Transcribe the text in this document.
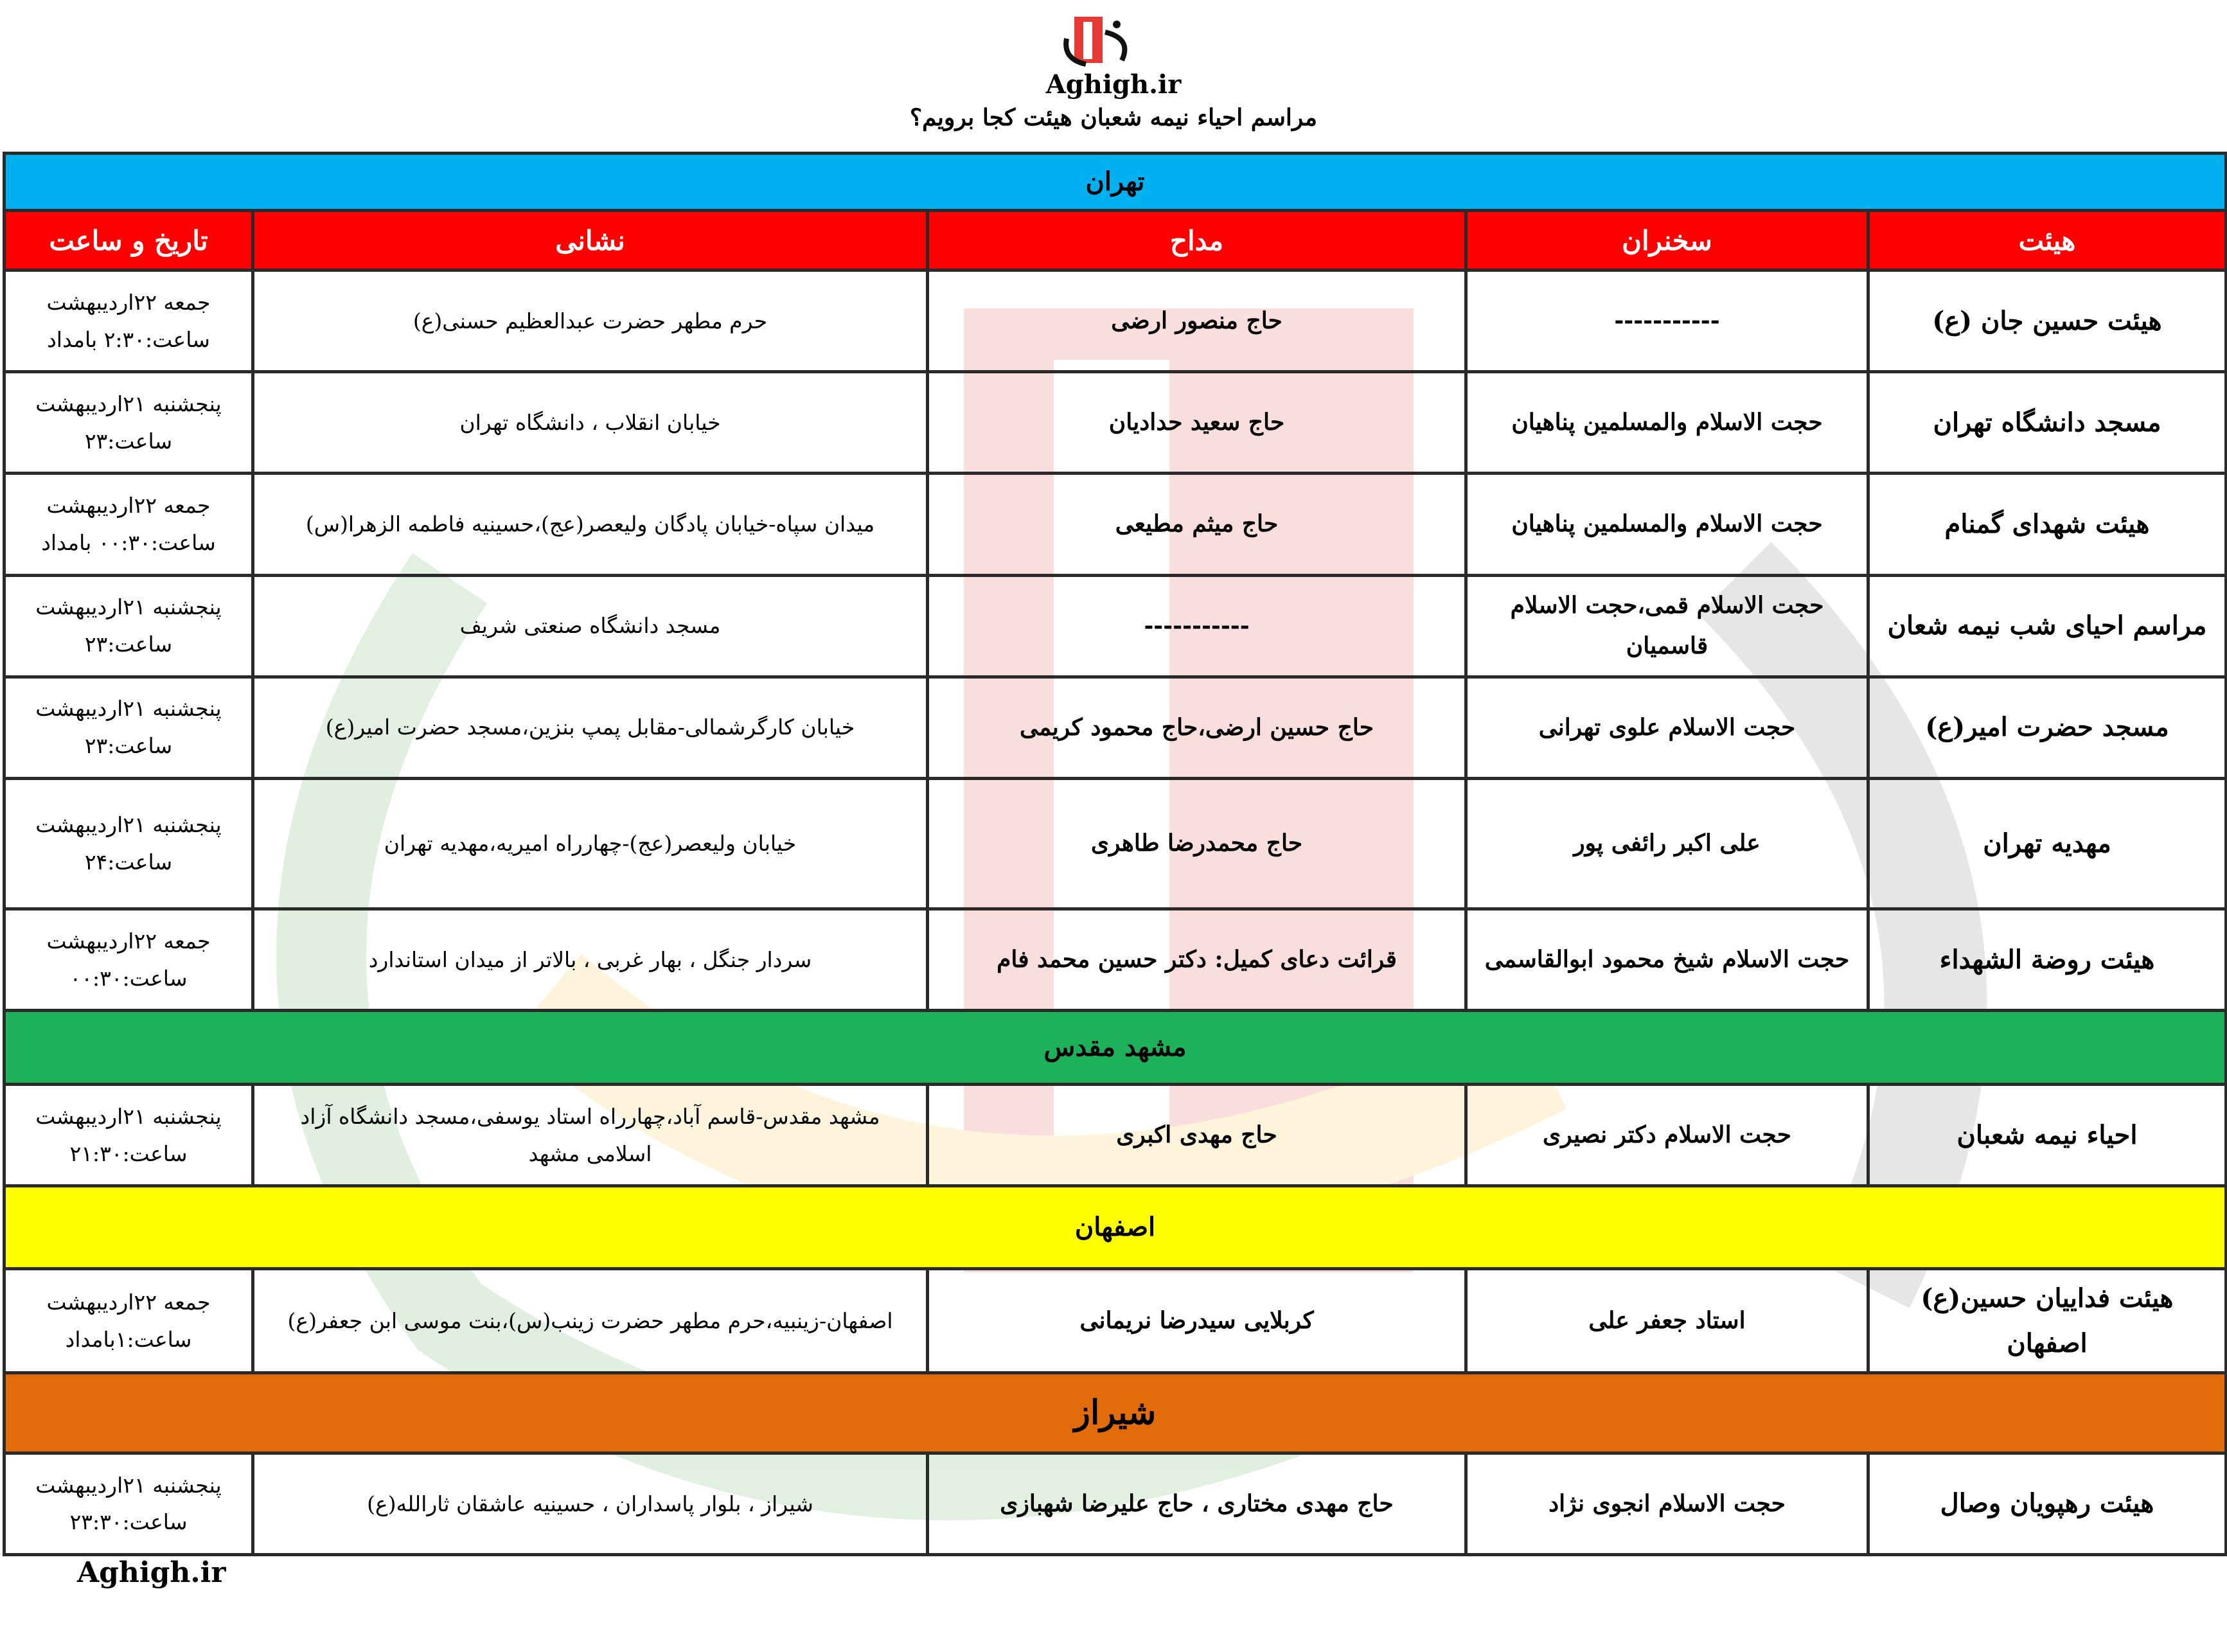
Aghigh.ir
مراسم احیاء نیمه شعبان هیئت کجا برویم؟
تهران				
هیئت	سخنران	مداح	نشانی	تاریخ و ساعت
هیئت حسین جان (ع)	-----------	حاج منصور ارضی	حرم مطهر حضرت عبدالعظیم حسنی(ع)	جمعه ۲۲اردیبهشت
ساعت:۲:۳۰ بامداد

مسجد دانشگاه تهران	حجت الاسلام والمسلمین پناهیان	حاج سعید حدادیان	خیابان انقلاب ، دانشگاه تهران	پنجشنبه ۲۱اردیبهشت
ساعت:۲۳

هیئت شهدای گمنام	حجت الاسلام والمسلمین پناهیان	حاج میثم مطیعی	میدان سپاه-خیابان پادگان ولیعصر(عج)،حسینیه فاطمه الزهرا(س)	جمعه ۲۲اردیبهشت
ساعت:۰۰:۳۰ بامداد

مراسم احیای شب نیمه شعان	حجت الاسلام قمی،حجت الاسلام قاسمیان	-----------	مسجد دانشگاه صنعتی شریف	پنجشنبه ۲۱اردیبهشت
ساعت:۲۳

مسجد حضرت امیر(ع)	حجت الاسلام علوی تهرانی	حاج حسین ارضی،حاج محمود کریمی	خیابان کارگرشمالی-مقابل پمپ بنزین،مسجد حضرت امیر(ع)	پنجشنبه ۲۱اردیبهشت
ساعت:۲۳

مهدیه تهران	علی اکبر رائفی پور	حاج محمدرضا طاهری	خیابان ولیعصر(عج)-چهارراه امیریه،مهدیه تهران	پنجشنبه ۲۱اردیبهشت
ساعت:۲۴

هیئت روضة الشهداء	حجت الاسلام شیخ محمود ابوالقاسمی	قرائت دعای کمیل: دکتر حسین محمد فام	سردار جنگل ، بهار غربی ، بالاتر از میدان استاندارد	جمعه ۲۲اردیبهشت
ساعت:۰۰:۳۰

مشهد مقدس				
احیاء نیمه شعبان	حجت الاسلام دکتر نصیری	حاج مهدی اکبری	مشهد مقدس-قاسم آباد،چهارراه استاد یوسفی،مسجد دانشگاه آزاد اسلامی مشهد	پنجشنبه ۲۱اردیبهشت
ساعت:۲۱:۳۰

اصفهان				
هیئت فداییان حسین(ع) اصفهان	استاد جعفر علی	کربلایی سیدرضا نریمانی	اصفهان-زینبیه،حرم مطهر حضرت زینب(س)،بنت موسی ابن جعفر(ع)	جمعه ۲۲اردیبهشت
ساعت:۱بامداد

شیراز				
هیئت رهپویان وصال	حجت الاسلام انجوی نژاد	حاج مهدی مختاری ، حاج علیرضا شهبازی	شیراز ، بلوار پاسداران ، حسینیه عاشقان ثارالله(ع)	پنجشنبه ۲۱اردیبهشت
ساعت:۲۳:۳۰
Aghigh.ir
